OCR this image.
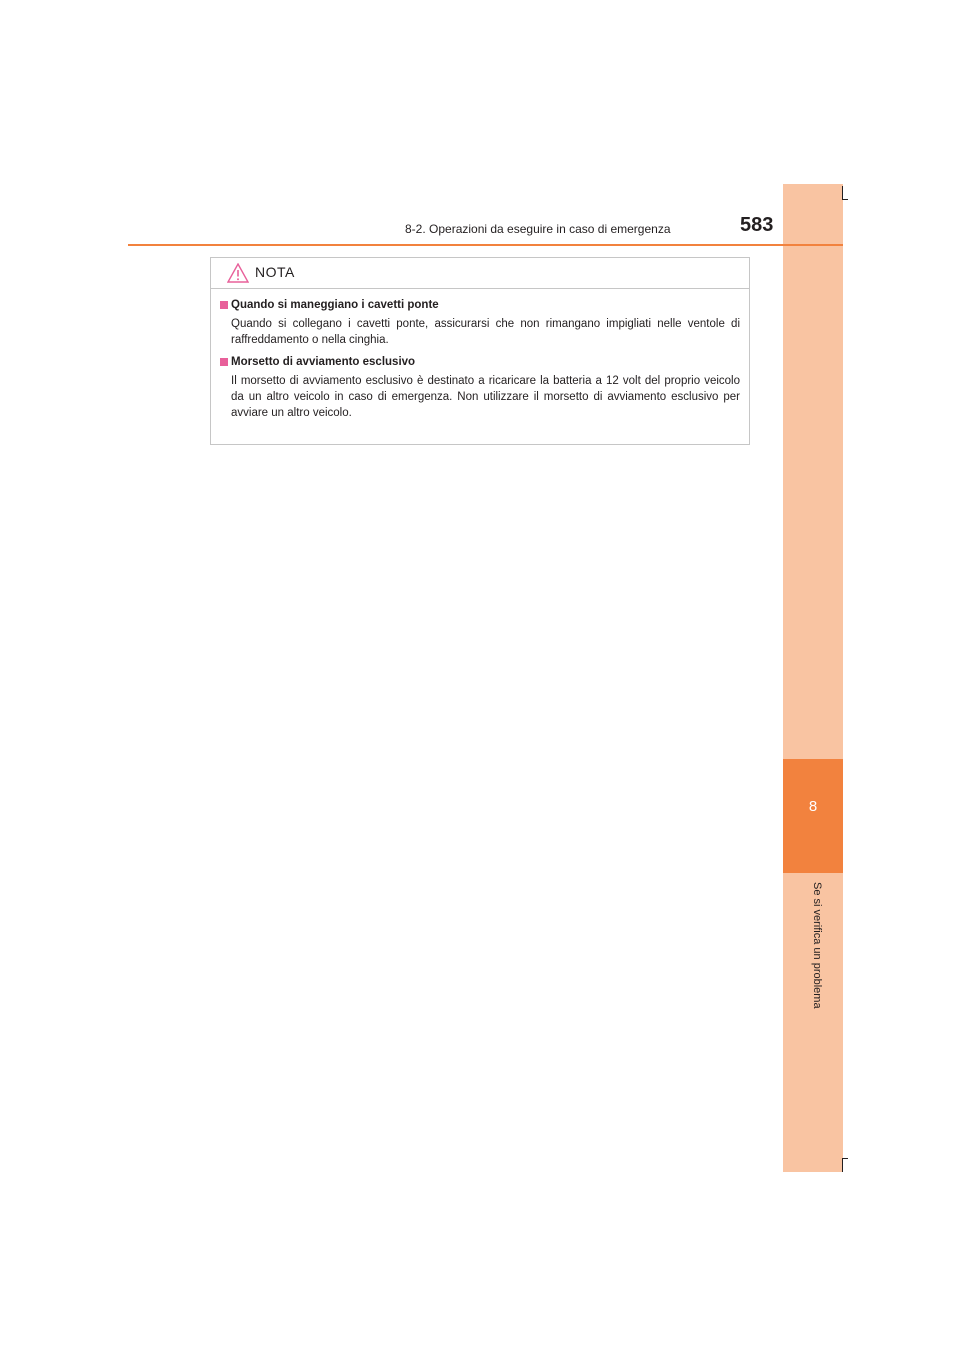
8
Se si verifica un problema
8-2. Operazioni da eseguire in caso di emergenza	583
NOTA
Quando si maneggiano i cavetti ponte
Quando si collegano i cavetti ponte, assicurarsi che non rimangano impigliati nelle ventole di raffreddamento o nella cinghia.
Morsetto di avviamento esclusivo
Il morsetto di avviamento esclusivo è destinato a ricaricare la batteria a 12 volt del proprio veicolo da un altro veicolo in caso di emergenza. Non utilizzare il morsetto di avviamento esclusivo per avviare un altro veicolo.
